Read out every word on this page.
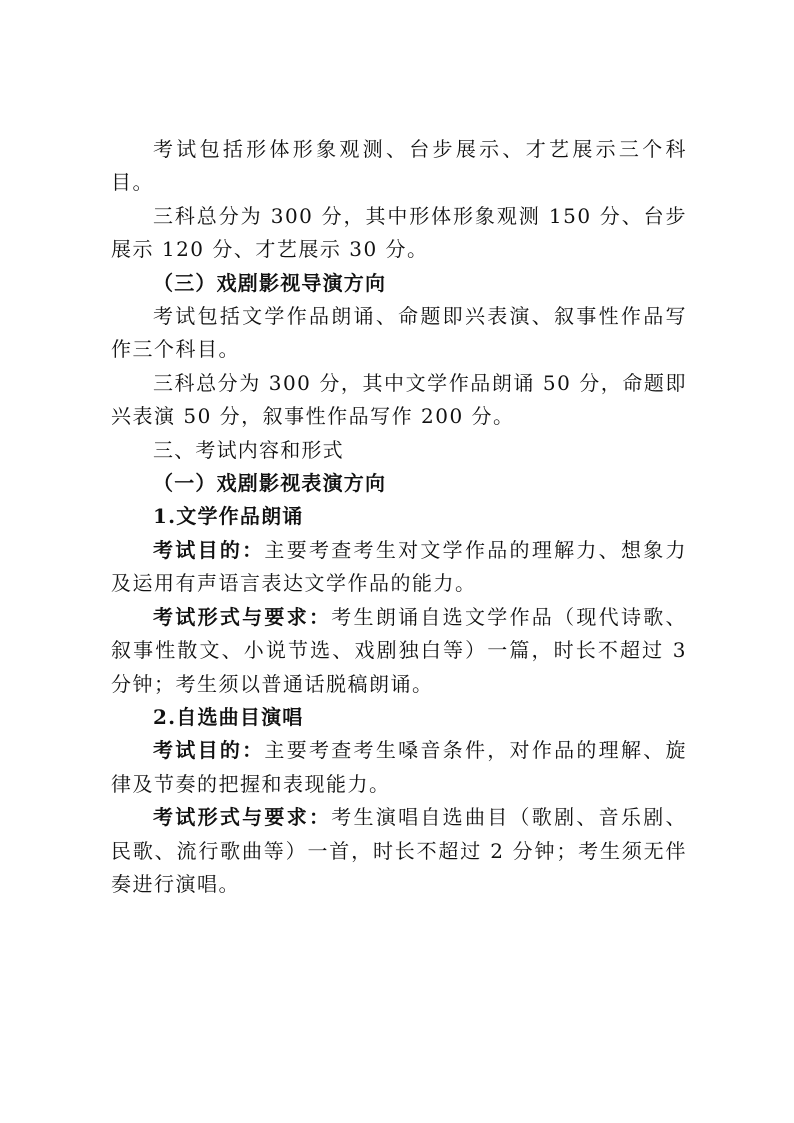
考试包括形体形象观测、台步展示、才艺展示三个科目。

三科总分为 300 分，其中形体形象观测 150 分、台步展示 120 分、才艺展示 30 分。

（三）戏剧影视导演方向

考试包括文学作品朗诵、命题即兴表演、叙事性作品写作三个科目。

三科总分为 300 分，其中文学作品朗诵 50 分，命题即兴表演 50 分，叙事性作品写作 200 分。

三、考试内容和形式

（一）戏剧影视表演方向

1.文学作品朗诵

考试目的：主要考查考生对文学作品的理解力、想象力及运用有声语言表达文学作品的能力。

考试形式与要求：考生朗诵自选文学作品（现代诗歌、叙事性散文、小说节选、戏剧独白等）一篇，时长不超过 3 分钟；考生须以普通话脱稿朗诵。

2.自选曲目演唱

考试目的：主要考查考生嗓音条件，对作品的理解、旋律及节奏的把握和表现能力。

考试形式与要求：考生演唱自选曲目（歌剧、音乐剧、民歌、流行歌曲等）一首，时长不超过 2 分钟；考生须无伴奏进行演唱。
